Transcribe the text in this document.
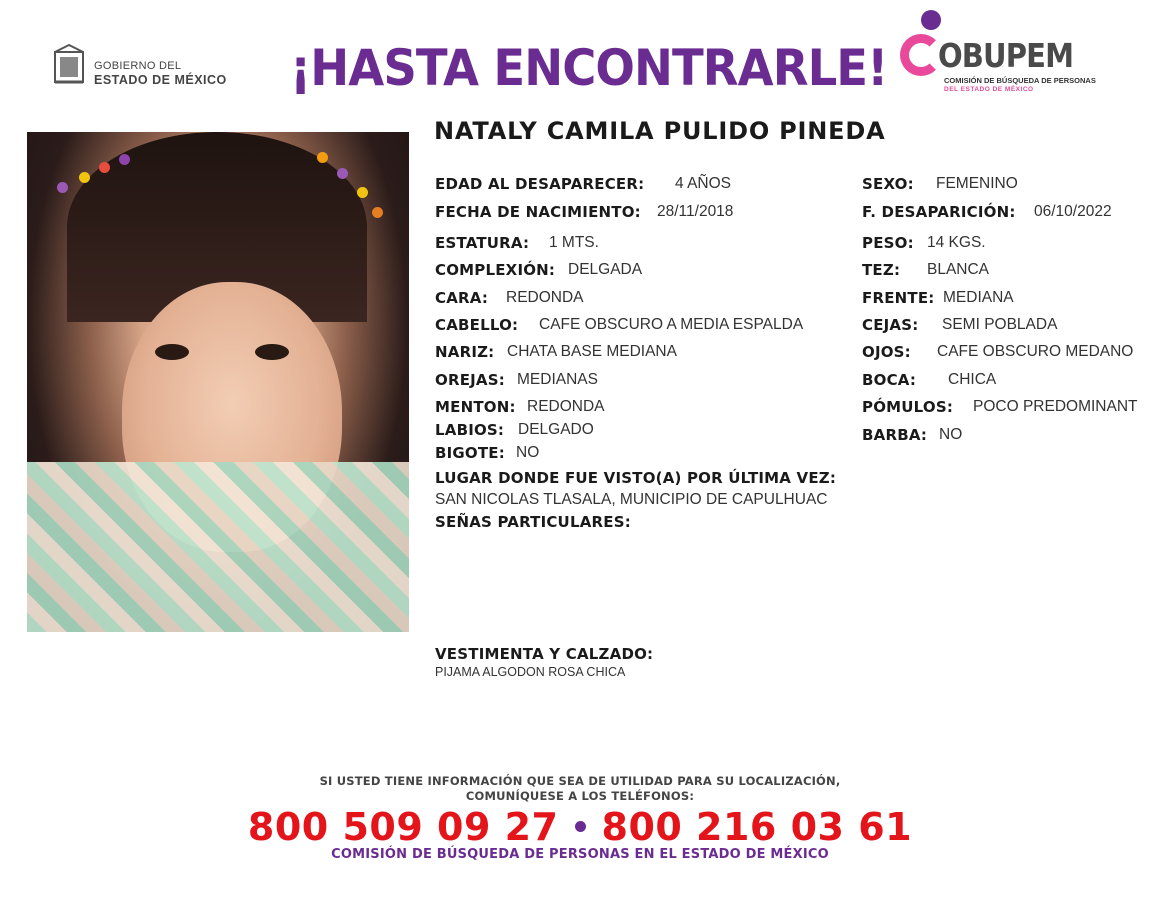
GOBIERNO DEL
ESTADO DE MÉXICO ¡HASTA ENCONTRARLE! OBUPEM
COMISIÓN DE BÚSQUEDA DE PERSONAS
DEL ESTADO DE MÉXICO
NATALY CAMILA PULIDO PINEDA
EDAD AL DESAPARECER: 4 AÑOS
FECHA DE NACIMIENTO: 28/11/2018
ESTATURA: 1 MTS.
COMPLEXIÓN: DELGADA
CARA: REDONDA
CABELLO: CAFE OBSCURO A MEDIA ESPALDA
NARIZ: CHATA BASE MEDIANA
OREJAS: MEDIANAS
MENTON: REDONDA
LABIOS: DELGADO
BIGOTE: NO
SEXO: FEMENINO
F. DESAPARICIÓN: 06/10/2022
PESO: 14 KGS.
TEZ: BLANCA
FRENTE: MEDIANA
CEJAS: SEMI POBLADA
OJOS: CAFE OBSCURO MEDANO
BOCA: CHICA
PÓMULOS: POCO PREDOMINANT
BARBA: NO
LUGAR DONDE FUE VISTO(A) POR ÚLTIMA VEZ:
SAN NICOLAS TLASALA, MUNICIPIO DE CAPULHUAC
SEÑAS PARTICULARES:
VESTIMENTA Y CALZADO:
PIJAMA ALGODON ROSA CHICA
SI USTED TIENE INFORMACIÓN QUE SEA DE UTILIDAD PARA SU LOCALIZACIÓN,
COMUNÍQUESE A LOS TELÉFONOS:
800 509 09 27 800 216 03 61
COMISIÓN DE BÚSQUEDA DE PERSONAS EN EL ESTADO DE MÉXICO
